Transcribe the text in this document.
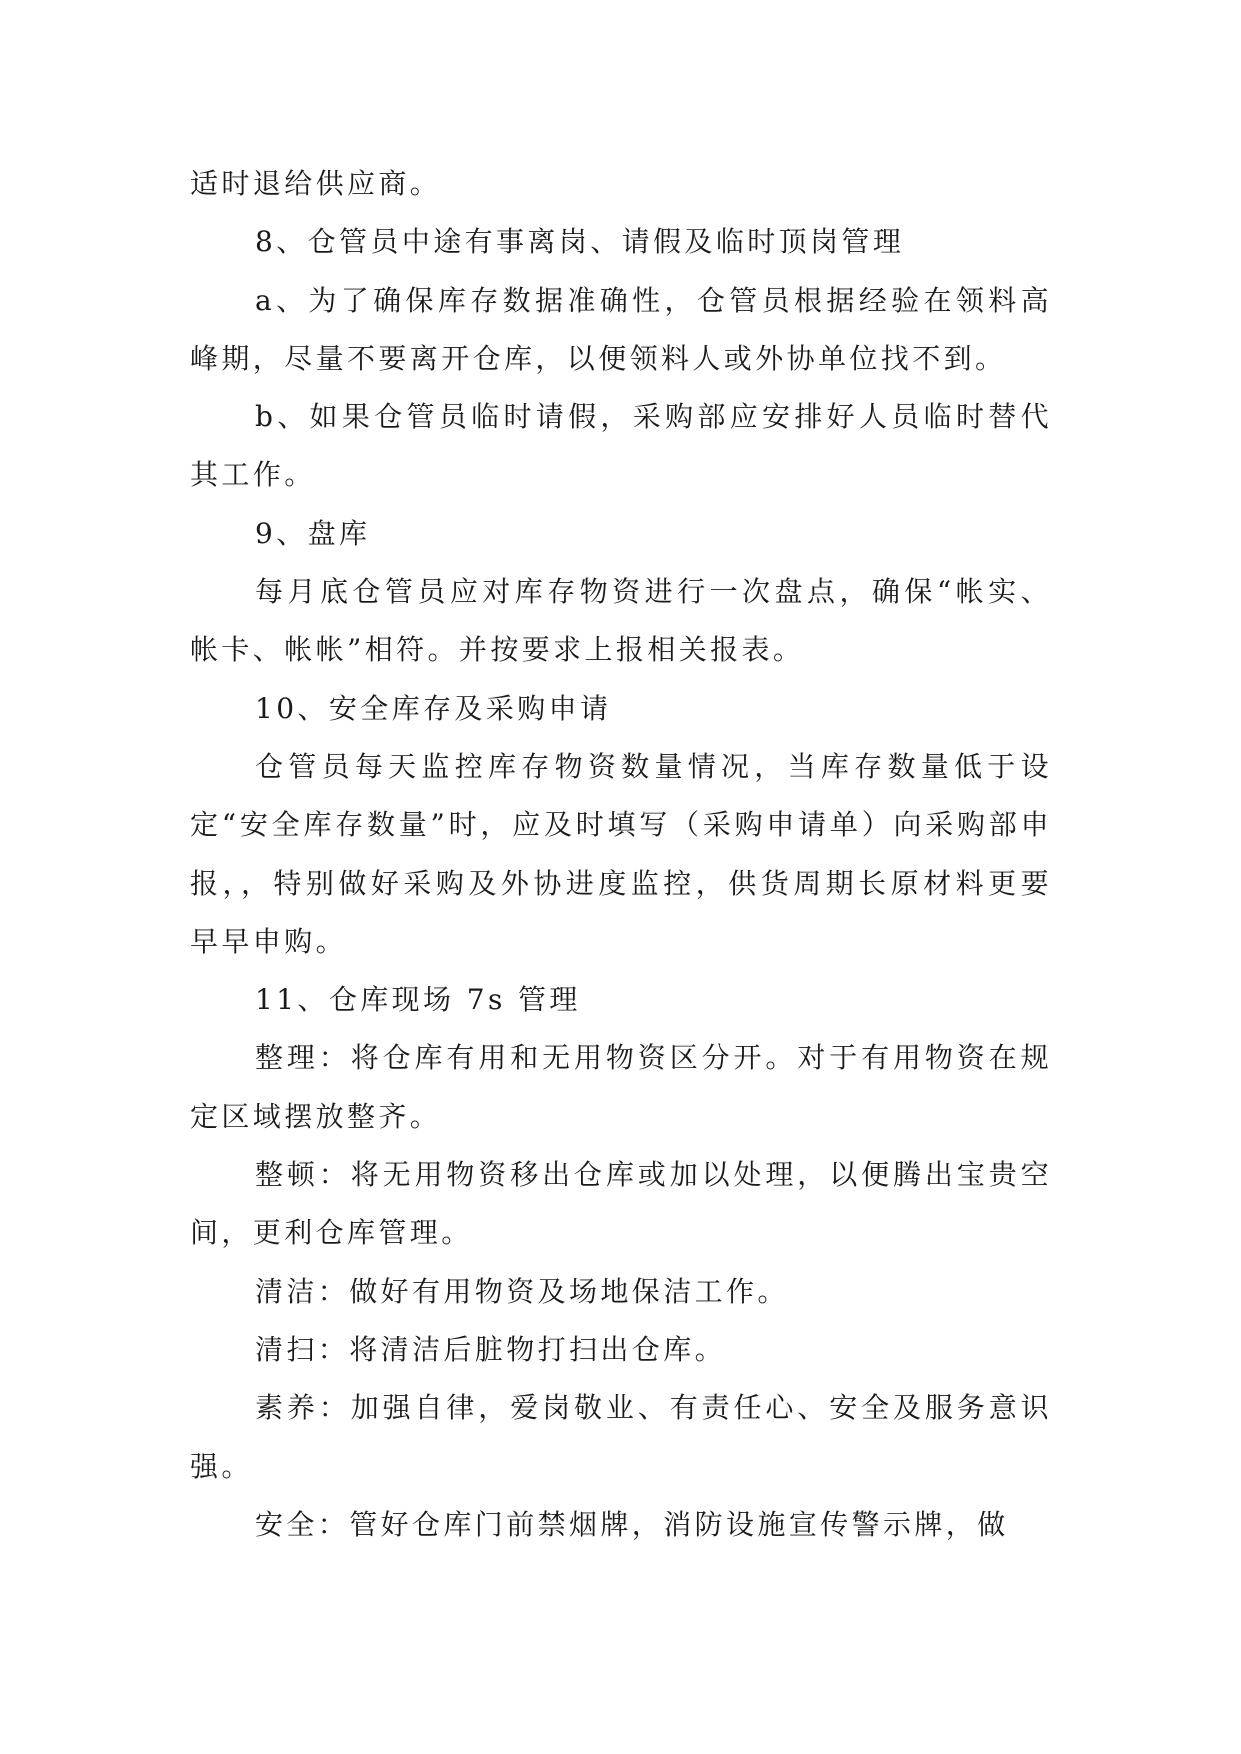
适时退给供应商。

8、仓管员中途有事离岗、请假及临时顶岗管理

a、为了确保库存数据准确性，仓管员根据经验在领料高峰期，尽量不要离开仓库，以便领料人或外协单位找不到。

b、如果仓管员临时请假，采购部应安排好人员临时替代其工作。

9、盘库

每月底仓管员应对库存物资进行一次盘点，确保“帐实、帐卡、帐帐”相符。并按要求上报相关报表。

10、安全库存及采购申请

仓管员每天监控库存物资数量情况，当库存数量低于设定“安全库存数量”时，应及时填写（采购申请单）向采购部申报，，特别做好采购及外协进度监控，供货周期长原材料更要早早申购。

11、仓库现场 7s 管理

整理：将仓库有用和无用物资区分开。对于有用物资在规定区域摆放整齐。

整顿：将无用物资移出仓库或加以处理，以便腾出宝贵空间，更利仓库管理。

清洁：做好有用物资及场地保洁工作。

清扫：将清洁后脏物打扫出仓库。

素养：加强自律，爱岗敬业、有责任心、安全及服务意识强。

安全：管好仓库门前禁烟牌，消防设施宣传警示牌，做
